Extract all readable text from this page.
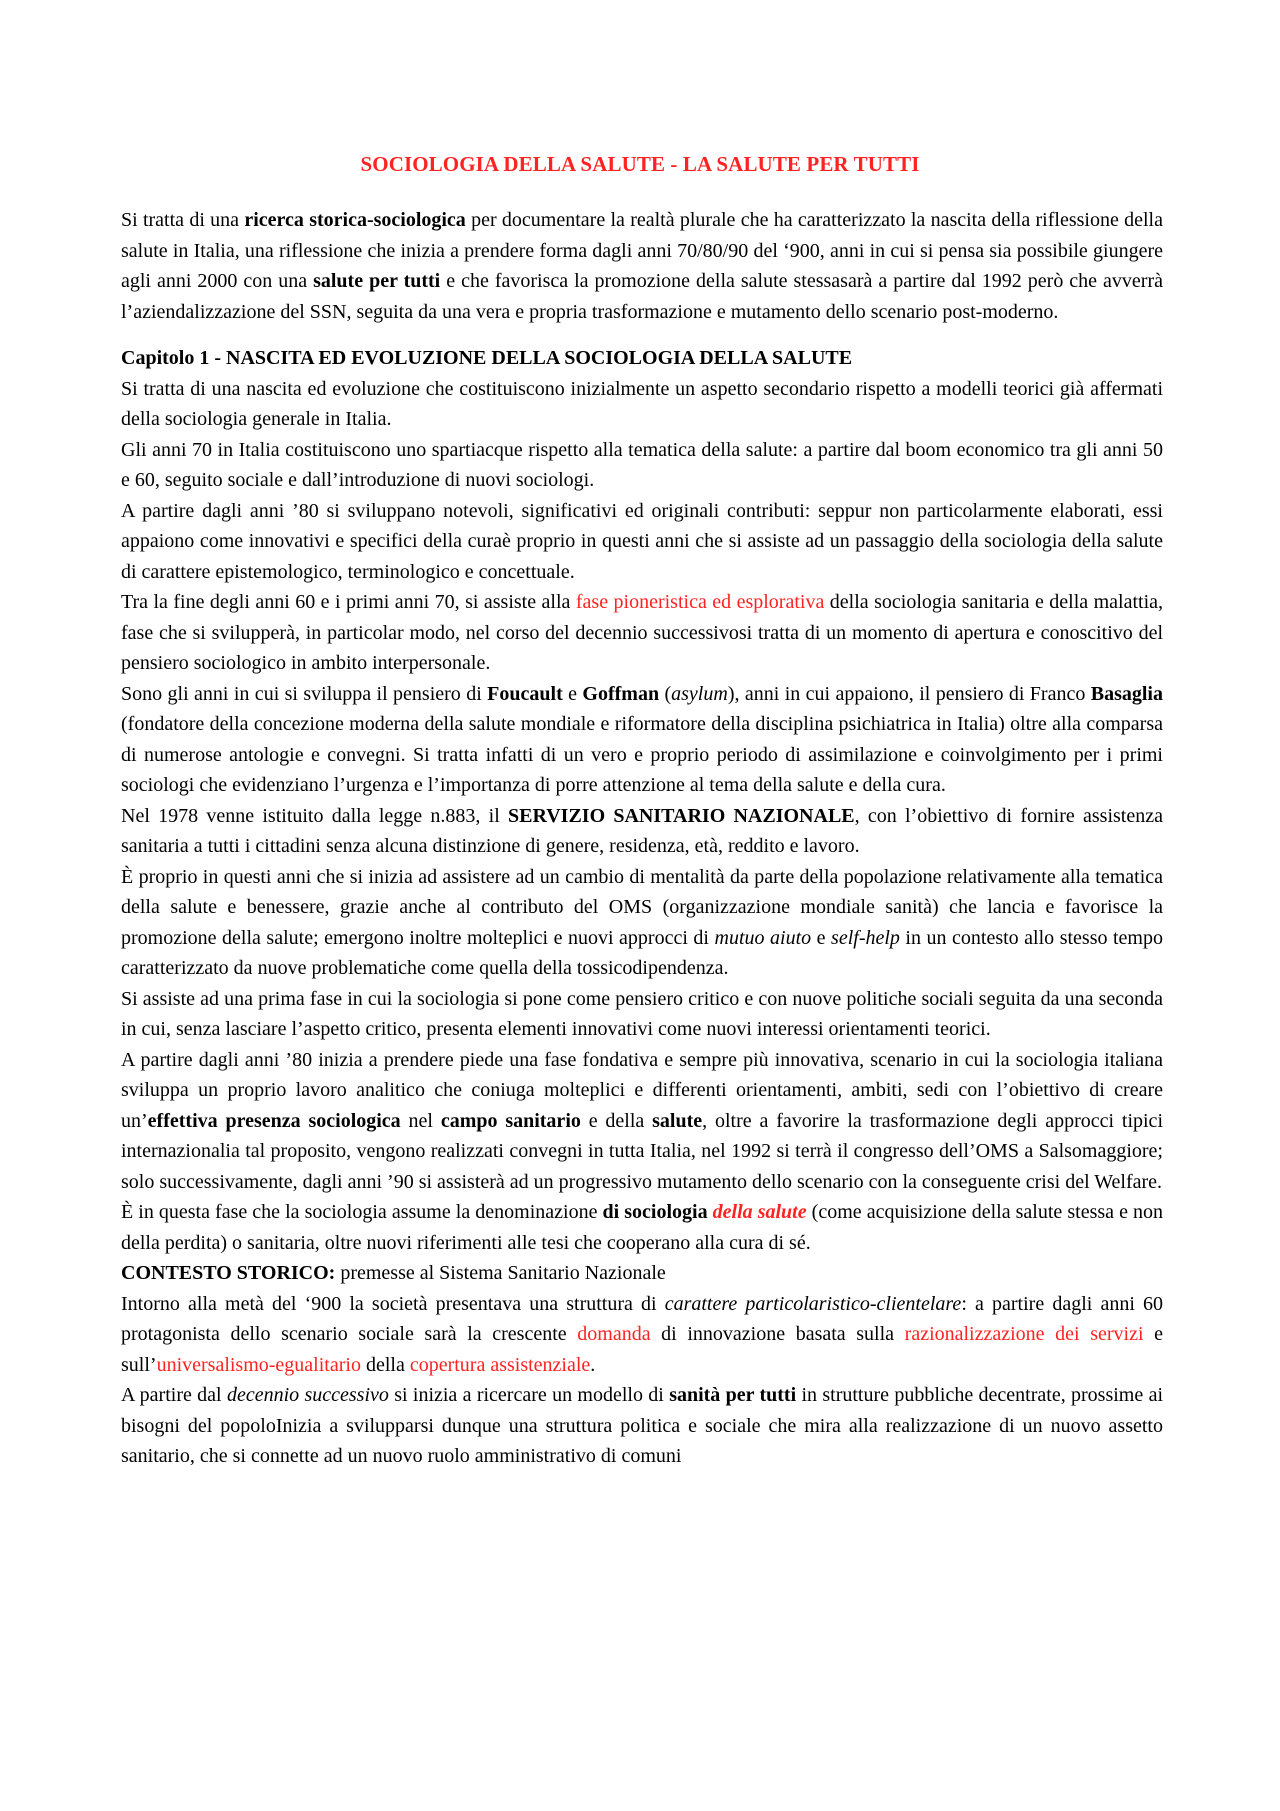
SOCIOLOGIA DELLA SALUTE - LA SALUTE PER TUTTI

Si tratta di una ricerca storica-sociologica per documentare la realtà plurale che ha caratterizzato la nascita della riflessione della salute in Italia, una riflessione che inizia a prendere forma dagli anni 70/80/90 del ‘900, anni in cui si pensa sia possibile giungere agli anni 2000 con una salute per tutti e che favorisca la promozione della salute stessasarà a partire dal 1992 però che avverrà l’aziendalizzazione del SSN, seguita da una vera e propria trasformazione e mutamento dello scenario post-moderno.

Capitolo 1 - NASCITA ED EVOLUZIONE DELLA SOCIOLOGIA DELLA SALUTE

Si tratta di una nascita ed evoluzione che costituiscono inizialmente un aspetto secondario rispetto a modelli teorici già affermati della sociologia generale in Italia.

Gli anni 70 in Italia costituiscono uno spartiacque rispetto alla tematica della salute: a partire dal boom economico tra gli anni 50 e 60, seguito sociale e dall’introduzione di nuovi sociologi.

A partire dagli anni ’80 si sviluppano notevoli, significativi ed originali contributi: seppur non particolarmente elaborati, essi appaiono come innovativi e specifici della curaè proprio in questi anni che si assiste ad un passaggio della sociologia della salute di carattere epistemologico, terminologico e concettuale.

Tra la fine degli anni 60 e i primi anni 70, si assiste alla fase pioneristica ed esplorativa della sociologia sanitaria e della malattia, fase che si svilupperà, in particolar modo, nel corso del decennio successivosi tratta di un momento di apertura e conoscitivo del pensiero sociologico in ambito interpersonale.

Sono gli anni in cui si sviluppa il pensiero di Foucault e Goffman (asylum), anni in cui appaiono, il pensiero di Franco Basaglia (fondatore della concezione moderna della salute mondiale e riformatore della disciplina psichiatrica in Italia) oltre alla comparsa di numerose antologie e convegni. Si tratta infatti di un vero e proprio periodo di assimilazione e coinvolgimento per i primi sociologi che evidenziano l’urgenza e l’importanza di porre attenzione al tema della salute e della cura.

Nel 1978 venne istituito dalla legge n.883, il SERVIZIO SANITARIO NAZIONALE, con l’obiettivo di fornire assistenza sanitaria a tutti i cittadini senza alcuna distinzione di genere, residenza, età, reddito e lavoro.

È proprio in questi anni che si inizia ad assistere ad un cambio di mentalità da parte della popolazione relativamente alla tematica della salute e benessere, grazie anche al contributo del OMS (organizzazione mondiale sanità) che lancia e favorisce la promozione della salute; emergono inoltre molteplici e nuovi approcci di mutuo aiuto e self-help in un contesto allo stesso tempo caratterizzato da nuove problematiche come quella della tossicodipendenza.

Si assiste ad una prima fase in cui la sociologia si pone come pensiero critico e con nuove politiche sociali seguita da una seconda in cui, senza lasciare l’aspetto critico, presenta elementi innovativi come nuovi interessi orientamenti teorici.

A partire dagli anni ’80 inizia a prendere piede una fase fondativa e sempre più innovativa, scenario in cui la sociologia italiana sviluppa un proprio lavoro analitico che coniuga molteplici e differenti orientamenti, ambiti, sedi con l’obiettivo di creare un’effettiva presenza sociologica nel campo sanitario e della salute, oltre a favorire la trasformazione degli approcci tipici internazionalia tal proposito, vengono realizzati convegni in tutta Italia, nel 1992 si terrà il congresso dell’OMS a Salsomaggiore; solo successivamente, dagli anni ’90 si assisterà ad un progressivo mutamento dello scenario con la conseguente crisi del Welfare.

È in questa fase che la sociologia assume la denominazione di sociologia della salute (come acquisizione della salute stessa e non della perdita) o sanitaria, oltre nuovi riferimenti alle tesi che cooperano alla cura di sé.

CONTESTO STORICO: premesse al Sistema Sanitario Nazionale

Intorno alla metà del ‘900 la società presentava una struttura di carattere particolaristico-clientelare: a partire dagli anni 60 protagonista dello scenario sociale sarà la crescente domanda di innovazione basata sulla razionalizzazione dei servizi e sull’universalismo-egualitario della copertura assistenziale.

A partire dal decennio successivo si inizia a ricercare un modello di sanità per tutti in strutture pubbliche decentrate, prossime ai bisogni del popoloInizia a svilupparsi dunque una struttura politica e sociale che mira alla realizzazione di un nuovo assetto sanitario, che si connette ad un nuovo ruolo amministrativo di comuni
